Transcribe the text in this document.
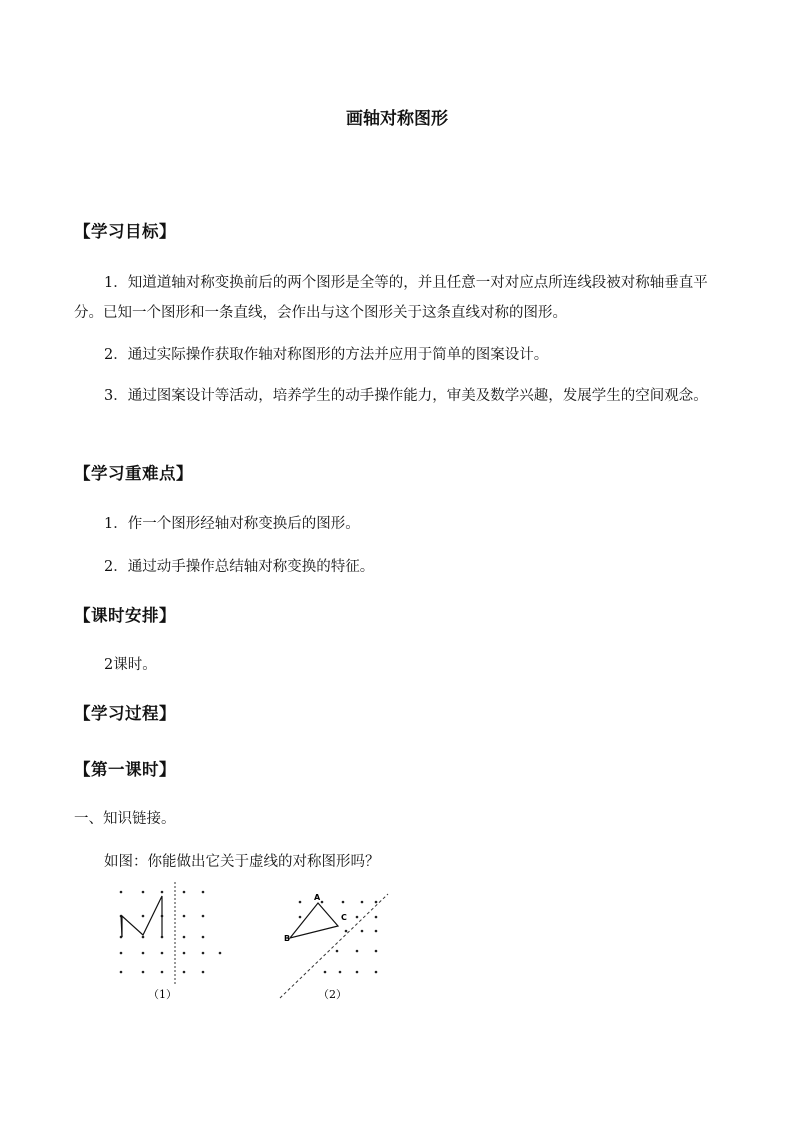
画轴对称图形
【学习目标】
1．知道道轴对称变换前后的两个图形是全等的，并且任意一对对应点所连线段被对称轴垂直平分。已知一个图形和一条直线，会作出与这个图形关于这条直线对称的图形。
2．通过实际操作获取作轴对称图形的方法并应用于简单的图案设计。
3．通过图案设计等活动，培养学生的动手操作能力，审美及数学兴趣，发展学生的空间观念。
【学习重难点】
1．作一个图形经轴对称变换后的图形。
2．通过动手操作总结轴对称变换的特征。
【课时安排】
2课时。
【学习过程】
【第一课时】
一、知识链接。
如图：你能做出它关于虚线的对称图形吗？
（1）
A
C
B
（2）
